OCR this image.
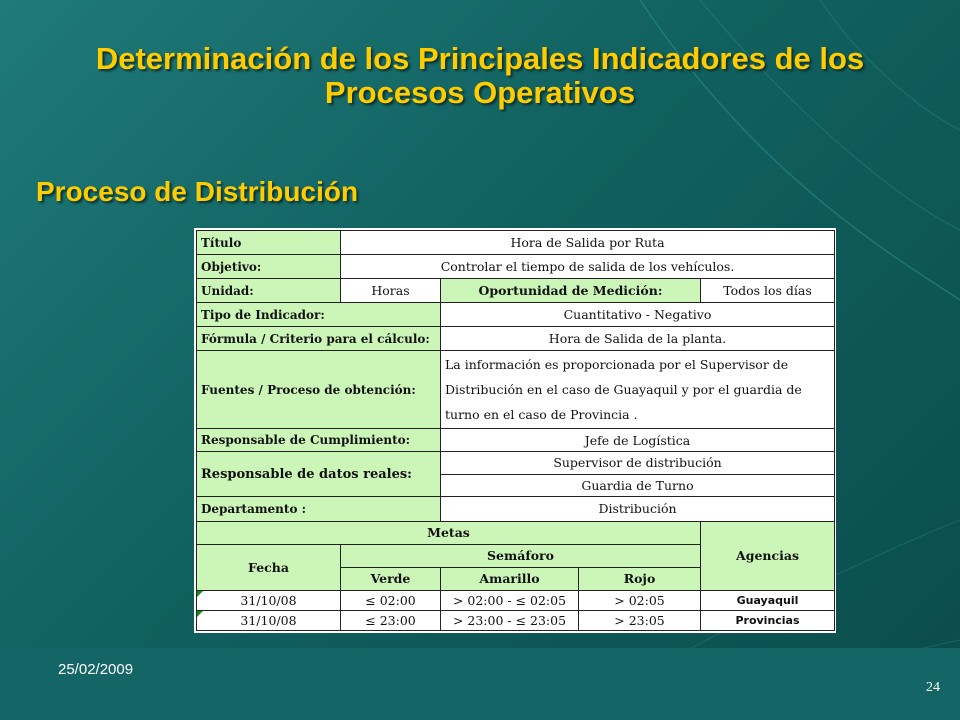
Determinación de los Principales Indicadores de los Procesos Operativos
Proceso de Distribución
Título	Hora de Salida por Ruta			
Objetivo:	Controlar el tiempo de salida de los vehículos.			
Unidad:	Horas	Oportunidad de Medición:		Todos los días
Tipo de Indicador:		Cuantitativo - Negativo		
Fórmula / Criterio para el cálculo:		Hora de Salida de la planta.		
Fuentes / Proceso de obtención:		La información es proporcionada por el Supervisor de Distribución en el caso de Guayaquil y por el guardia de turno en el caso de Provincia .		
Responsable de Cumplimiento:		Jefe de Logística		
Responsable de datos reales:		Supervisor de distribución		
		Guardia de Turno		
Departamento :		Distribución		
Metas				Agencias
Fecha	Semáforo			
	Verde	Amarillo	Rojo	
31/10/08	≤ 02:00	> 02:00 - ≤ 02:05	> 02:05	Guayaquil
31/10/08	≤ 23:00	> 23:00 - ≤ 23:05	> 23:05	Provincias
25/02/2009
24
